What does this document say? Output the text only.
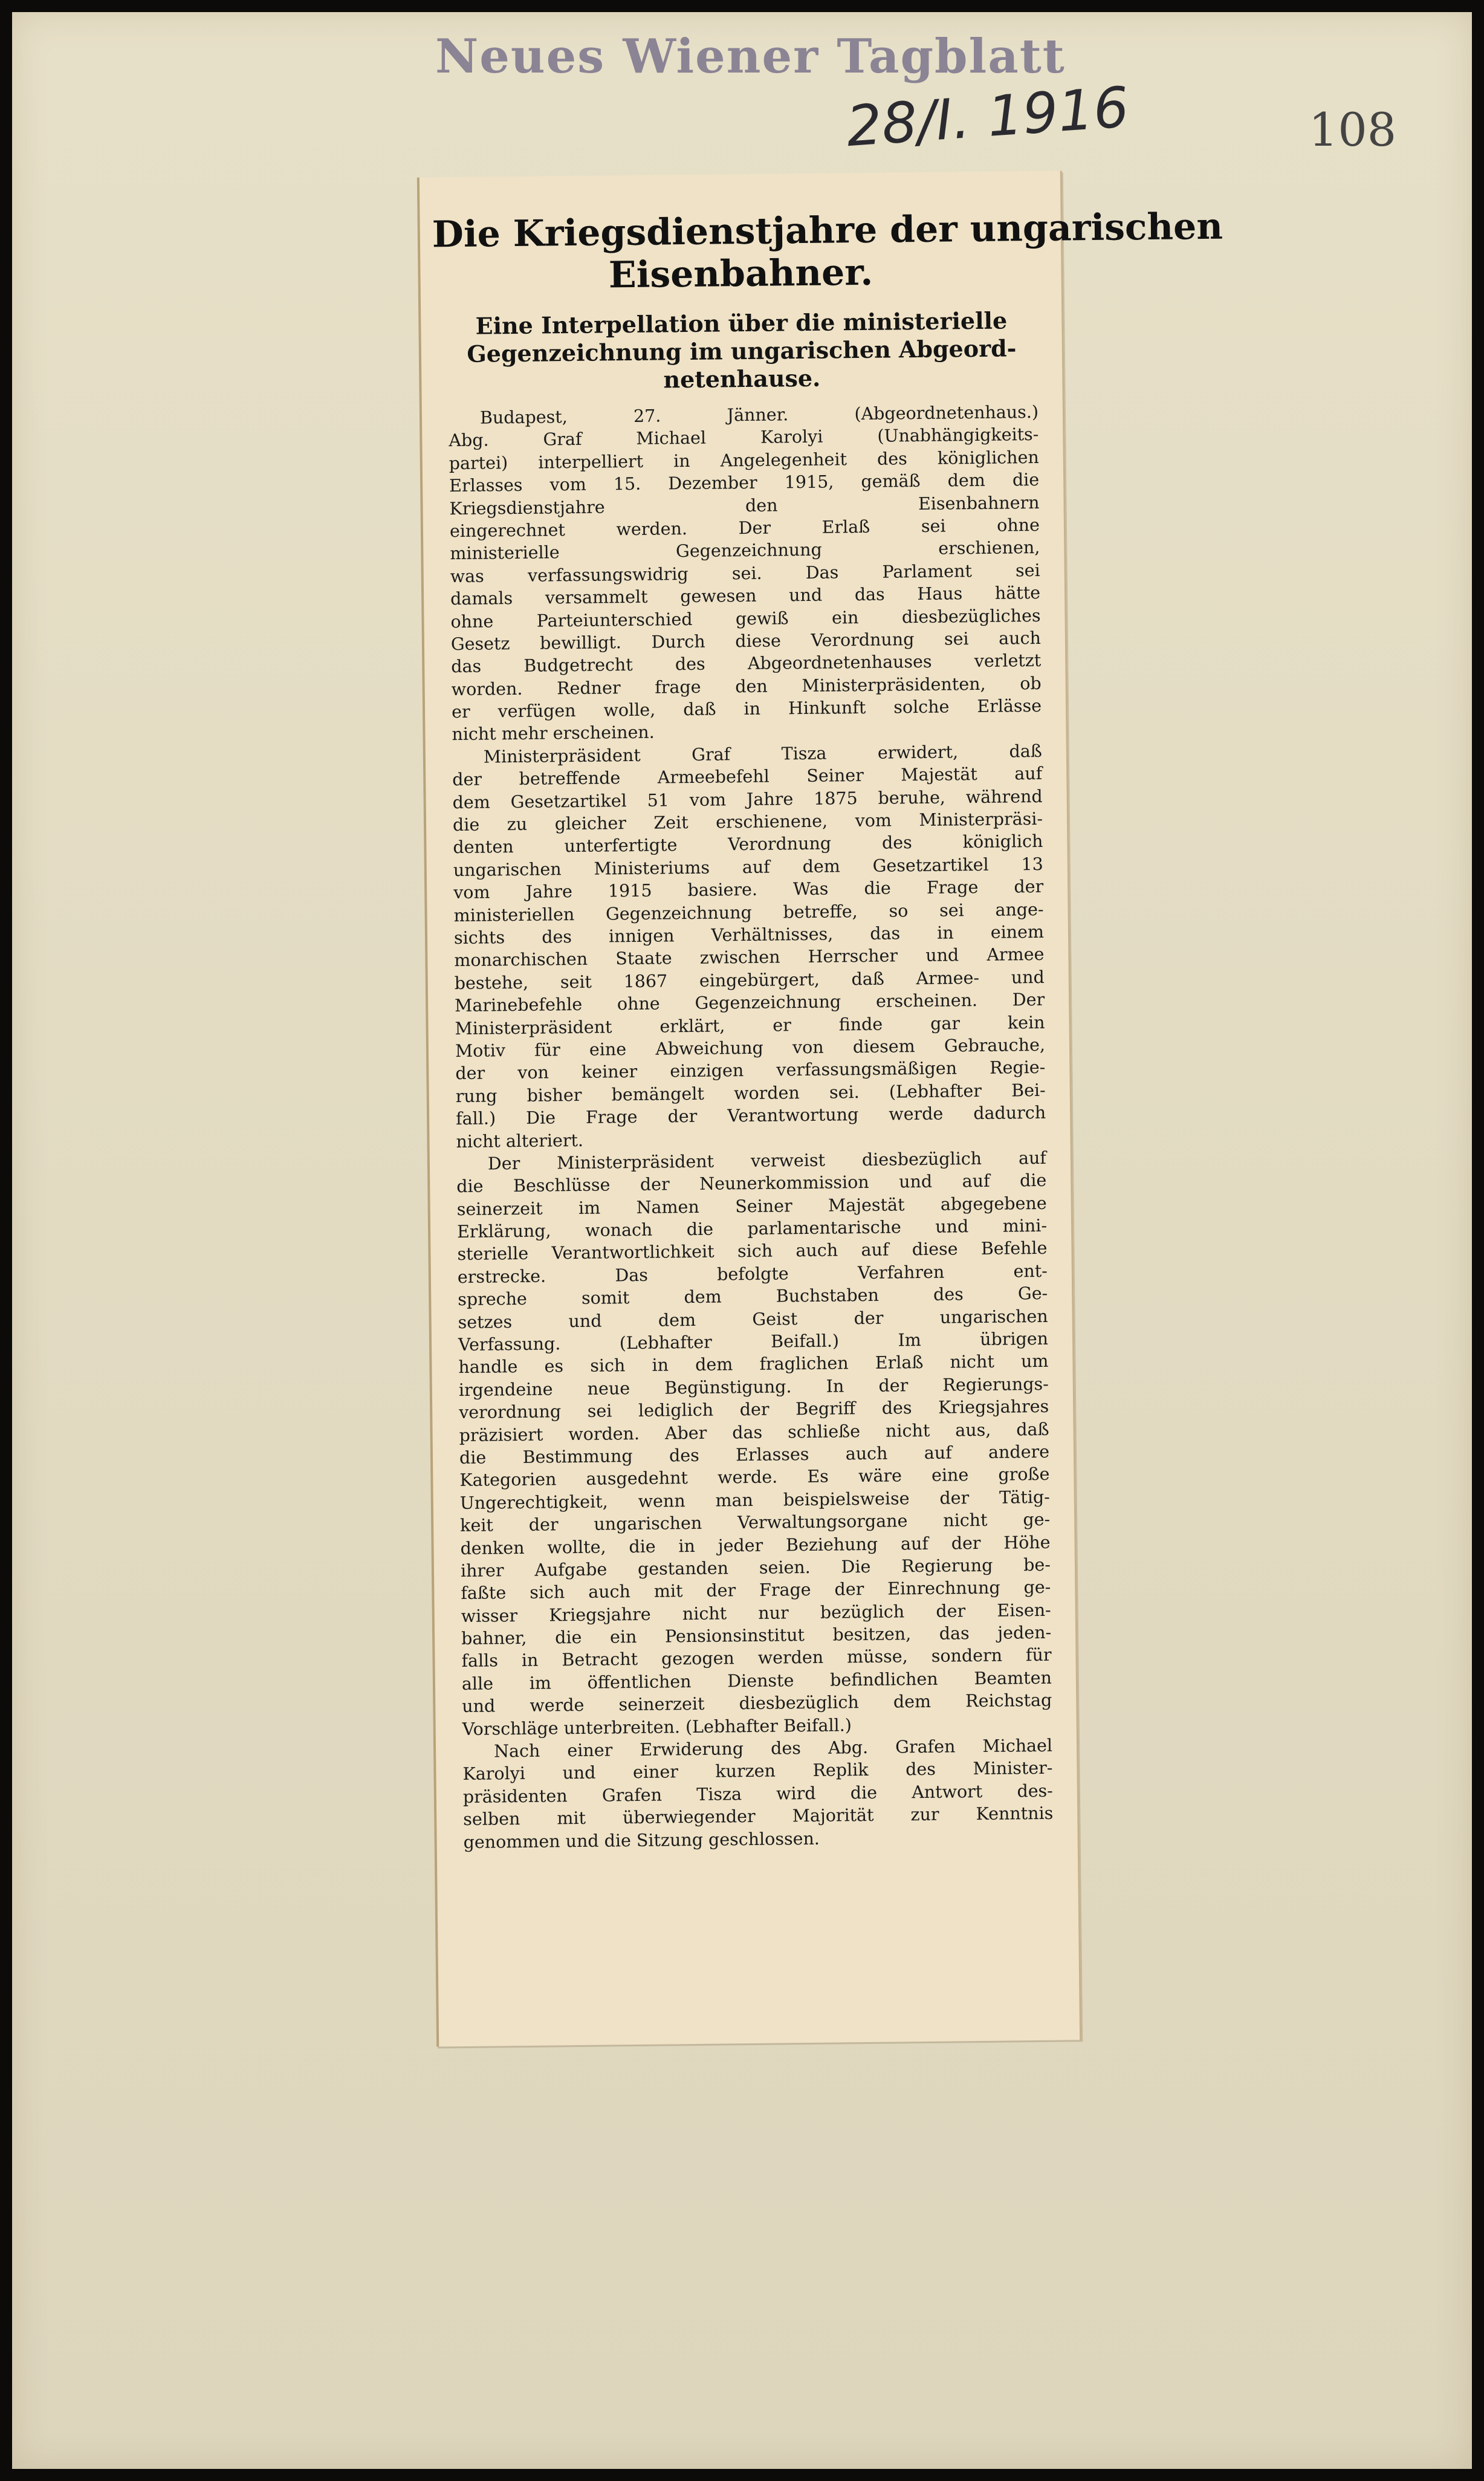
Neues Wiener Tagblatt
28/I. 1916	108
Die Kriegsdienstjahre der ungarischen
Eisenbahner.
Eine Interpellation über die ministerielle
Gegenzeichnung im ungarischen Abgeord-
netenhause.
Budapest, 27. Jänner. (Abgeordnetenhaus.)
Abg. Graf Michael Karolyi (Unabhängigkeits-
partei) interpelliert in Angelegenheit des königlichen
Erlasses vom 15. Dezember 1915, gemäß dem die
Kriegsdienstjahre den Eisenbahnern
eingerechnet werden. Der Erlaß sei ohne
ministerielle Gegenzeichnung erschienen,
was verfassungswidrig sei. Das Parlament sei
damals versammelt gewesen und das Haus hätte
ohne Parteiunterschied gewiß ein diesbezügliches
Gesetz bewilligt. Durch diese Verordnung sei auch
das Budgetrecht des Abgeordnetenhauses verletzt
worden. Redner frage den Ministerpräsidenten, ob
er verfügen wolle, daß in Hinkunft solche Erlässe
nicht mehr erscheinen.
Ministerpräsident Graf Tisza erwidert, daß
der betreffende Armeebefehl Seiner Majestät auf
dem Gesetzartikel 51 vom Jahre 1875 beruhe, während
die zu gleicher Zeit erschienene, vom Ministerpräsi-
denten unterfertigte Verordnung des königlich
ungarischen Ministeriums auf dem Gesetzartikel 13
vom Jahre 1915 basiere. Was die Frage der
ministeriellen Gegenzeichnung betreffe, so sei ange-
sichts des innigen Verhältnisses, das in einem
monarchischen Staate zwischen Herrscher und Armee
bestehe, seit 1867 eingebürgert, daß Armee- und
Marinebefehle ohne Gegenzeichnung erscheinen. Der
Ministerpräsident erklärt, er finde gar kein
Motiv für eine Abweichung von diesem Gebrauche,
der von keiner einzigen verfassungsmäßigen Regie-
rung bisher bemängelt worden sei. (Lebhafter Bei-
fall.) Die Frage der Verantwortung werde dadurch
nicht alteriert.
Der Ministerpräsident verweist diesbezüglich auf
die Beschlüsse der Neunerkommission und auf die
seinerzeit im Namen Seiner Majestät abgegebene
Erklärung, wonach die parlamentarische und mini-
sterielle Verantwortlichkeit sich auch auf diese Befehle
erstrecke. Das befolgte Verfahren ent-
spreche somit dem Buchstaben des Ge-
setzes und dem Geist der ungarischen
Verfassung. (Lebhafter Beifall.) Im übrigen
handle es sich in dem fraglichen Erlaß nicht um
irgendeine neue Begünstigung. In der Regierungs-
verordnung sei lediglich der Begriff des Kriegsjahres
präzisiert worden. Aber das schließe nicht aus, daß
die Bestimmung des Erlasses auch auf andere
Kategorien ausgedehnt werde. Es wäre eine große
Ungerechtigkeit, wenn man beispielsweise der Tätig-
keit der ungarischen Verwaltungsorgane nicht ge-
denken wollte, die in jeder Beziehung auf der Höhe
ihrer Aufgabe gestanden seien. Die Regierung be-
faßte sich auch mit der Frage der Einrechnung ge-
wisser Kriegsjahre nicht nur bezüglich der Eisen-
bahner, die ein Pensionsinstitut besitzen, das jeden-
falls in Betracht gezogen werden müsse, sondern für
alle im öffentlichen Dienste befindlichen Beamten
und werde seinerzeit diesbezüglich dem Reichstag
Vorschläge unterbreiten. (Lebhafter Beifall.)
Nach einer Erwiderung des Abg. Grafen Michael
Karolyi und einer kurzen Replik des Minister-
präsidenten Grafen Tisza wird die Antwort des-
selben mit überwiegender Majorität zur Kenntnis
genommen und die Sitzung geschlossen.
